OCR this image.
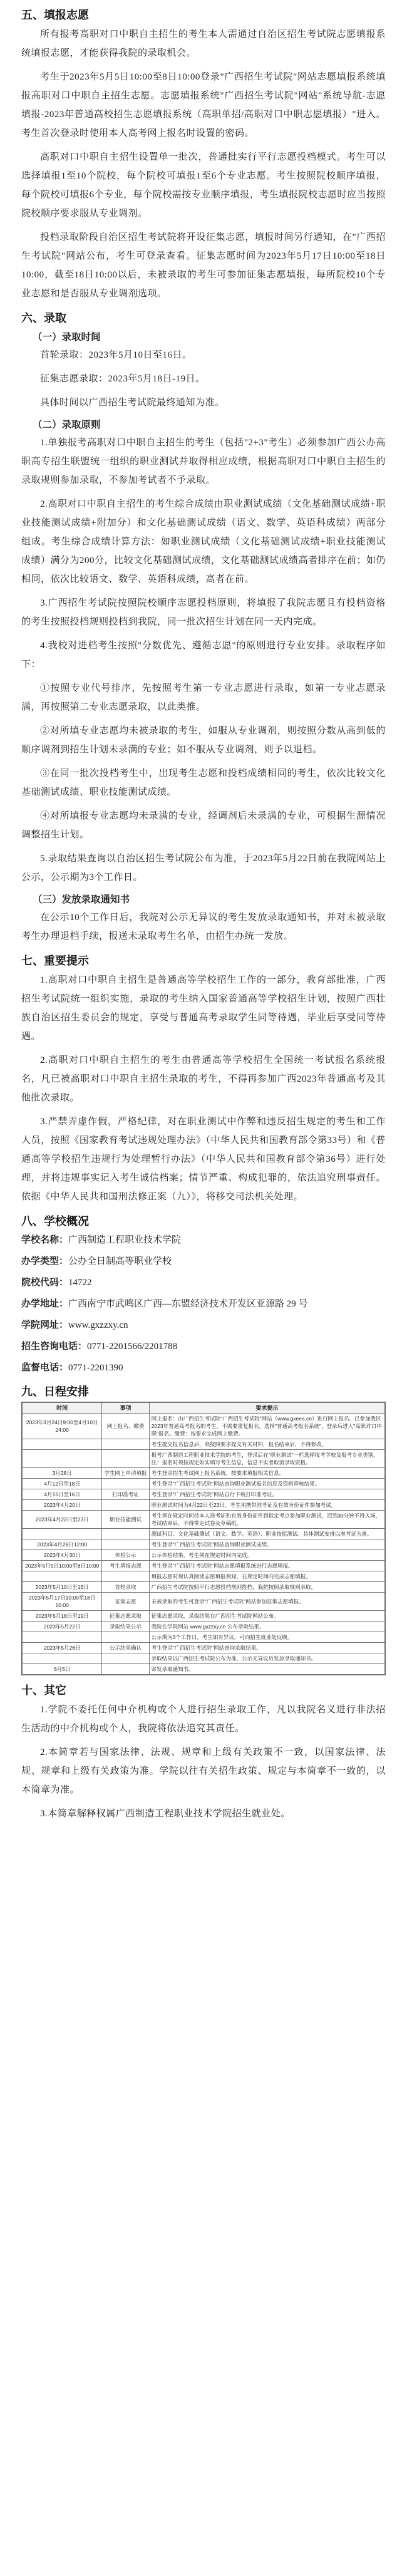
五、填报志愿

所有报考高职对口中职自主招生的考生本人需通过自治区招生考试院志愿填报系统填报志愿，才能获得我院的录取机会。

考生于2023年5月5日10:00至8日10:00登录"广西招生考试院"网站志愿填报系统填报高职对口中职自主招生志愿。志愿填报系统"广西招生考试院"网站"系统导航-志愿填报-2023年普通高校招生志愿填报系统（高职单招/高职对口中职志愿填报）"进入。考生首次登录时使用本人高考网上报名时设置的密码。

高职对口中职自主招生设置单一批次，普通批实行平行志愿投档模式。考生可以选择填报1至10个院校，每个院校可填报1至6个专业志愿。考生按照院校顺序填报，每个院校可填报6个专业，每个院校需按专业顺序填报，考生填报院校志愿时应当按照院校顺序要求服从专业调剂。

投档录取阶段自治区招生考试院将开设征集志愿，填报时间另行通知，在"广西招生考试院"网站公布，考生可登录查看。征集志愿时间为2023年5月17日10:00至18日10:00，截至18日10:00以后，未被录取的考生可参加征集志愿填报，每所院校10个专业志愿和是否服从专业调剂选项。

六、录取
（一）录取时间

首轮录取：2023年5月10日至16日。

征集志愿录取：2023年5月18日-19日。

具体时间以广西招生考试院最终通知为准。

（二）录取原则

1.单独报考高职对口中职自主招生的考生（包括"2+3"考生）必须参加广西公办高职高专招生联盟统一组织的职业测试并取得相应成绩，根据高职对口中职自主招生的录取规则参加录取，不参加考试者不予录取。

2.高职对口中职自主招生的考生综合成绩由职业测试成绩（文化基础测试成绩+职业技能测试成绩+附加分）和文化基础测试成绩（语文、数学、英语科成绩）两部分组成。考生综合成绩计算方法：如职业测试成绩（文化基础测试成绩+职业技能测试成绩）满分为200分，比较文化基础测试成绩，文化基础测试成绩高者排序在前；如仍相同，依次比较语文、数学、英语科成绩，高者在前。

3.广西招生考试院按照院校顺序志愿投档原则，将填报了我院志愿且有投档资格的考生按照投档规则投档到我院，同一批次招生计划在同一天内完成。

4.我校对进档考生按照"分数优先、遵循志愿"的原则进行专业安排。录取程序如下：

①按照专业代号排序，先按照考生第一专业志愿进行录取，如第一专业志愿录满，再按照第二专业志愿录取，以此类推。

②对所填专业志愿均未被录取的考生，如服从专业调剂，则按照分数从高到低的顺序调剂到招生计划未录满的专业；如不服从专业调剂，则予以退档。

③在同一批次投档考生中，出现考生志愿和投档成绩相同的考生，依次比较文化基础测试成绩、职业技能测试成绩。

④对所填报专业志愿均未录满的专业，经调剂后未录满的专业，可根据生源情况调整招生计划。

5.录取结果查询以自治区招生考试院公布为准，于2023年5月22日前在我院网站上公示，公示期为3个工作日。

（三）发放录取通知书

在公示10个工作日后，我院对公示无异议的考生发放录取通知书，并对未被录取考生办理退档手续，报送未录取考生名单，由招生办统一发放。

七、重要提示

1.高职对口中职自主招生是普通高等学校招生工作的一部分，教育部批准，广西招生考试院统一组织实施，录取的考生纳入国家普通高等学校招生计划，按照广西壮族自治区招生委员会的规定，享受与普通高考录取学生同等待遇，毕业后享受同等待遇。

2.高职对口中职自主招生的考生由普通高等学校招生全国统一考试报名系统报名，凡已被高职对口中职自主招生录取的考生，不得再参加广西2023年普通高考及其他批次录取。

3.严禁弄虚作假，严格纪律，对在职业测试中作弊和违反招生规定的考生和工作人员，按照《国家教育考试违规处理办法》（中华人民共和国教育部令第33号）和《普通高等学校招生违规行为处理暂行办法》（中华人民共和国教育部令第36号）进行处理，并将违规事实记入考生诚信档案；情节严重、构成犯罪的，依法追究刑事责任。依据《中华人民共和国刑法修正案（九）》，将移交司法机关处理。

八、学校概况

学校名称：广西制造工程职业技术学院

办学类型：公办全日制高等职业学校

院校代码：14722

办学地址：广西南宁市武鸣区广西—东盟经济技术开发区亚源路 29 号

学院网址：www.gxzzxy.cn

招生咨询电话：0771-2201566/2201788

监督电话：0771-2201390

九、日程安排
时间	事项	要求提示
2023年3月24日9:00至4月10日24:00	网上报名、缴费	网上报名：由广西招生考试院"广西招生考试院"网站（www.gxeea.cn）进行网上报名。已参加我区2023年普通高考报名的考生，不需要重复报名。选择"普通高考报名系统"，登录后进入"高职对口中职"报名。缴费：按要求完成网上缴费。
		考生提交报名信息后，须按照要求提交有关材料，报名结束后，不得修改。
		报考广西制造工程职业技术学院的考生，登录后在"职业测试"一栏选择报考学校及报考专业类别。注：报名时须按规定如实填写考生信息，信息不实者取消录取资格。
3月28日	学生网上申请填报	考生登录招生考试网上报名系统，按要求填报相关信息。
4月12日至18日		考生登录"广西招生考试院"网站查询职业测试报名信息及资格审核结果。
4月15日至16日	打印准考证	考生登录"广西招生考试院"网站自行下载打印准考证。
2023年4月20日		职业测试时间为4月22日至23日，考生须携带准考证及有效身份证件参加考试。
2023年4月22日至23日	职业技能测试	考生须在规定时间持本人准考证和有效身份证件到指定考点参加职业测试，迟到30分钟不得入场，考试结束后，不得带走试卷及草稿纸。
		测试科目：文化基础测试（语文、数学、英语）、职业技能测试。具体测试安排以准考证为准。
2023年4月28日12:00		考生登录"广西招生考试院"网站查询职业测试成绩。
2023年4月30日	体检公示	公示体检结果，考生须在规定时间内完成。
2023年5月5日10:00至8日10:00	考生填报志愿	考生登录"广西招生考试院"网站志愿填报系统进行志愿填报。
		填报志愿时须认真阅读志愿填报须知，在规定时间内完成志愿填报。
2023年5月10日至16日	首轮录取	广西招生考试院按照平行志愿投档规则投档，我院按照录取规则录取。
2023年5月17日10:00至18日10:00	征集志愿	未被录取的考生可登录"广西招生考试院"网站参加征集志愿填报。
2023年5月18日至19日	征集志愿录取	征集志愿录取，录取结果在广西招生考试院网站公布。
2023年5月22日	录取结果公示	我院在学院网站 www.gxzzxy.cn 公布录取结果。
		公示期为3个工作日，考生如有异议，可向招生就业处反映。
2023年5月26日	公示结果确认	考生登录"广西招生考试院"网站查询录取结果。
		录取结果以广西招生考试院公布为准，公示无异议后发放录取通知书。
6月5日		寄发录取通知书。
十、其它

1.学院不委托任何中介机构或个人进行招生录取工作，凡以我院名义进行非法招生活动的中介机构或个人，我院将依法追究其责任。

2.本简章若与国家法律、法规、规章和上级有关政策不一致，以国家法律、法规、规章和上级有关政策为准。学院以往有关招生政策、规定与本简章不一致的，以本简章为准。

3.本简章解释权属广西制造工程职业技术学院招生就业处。
